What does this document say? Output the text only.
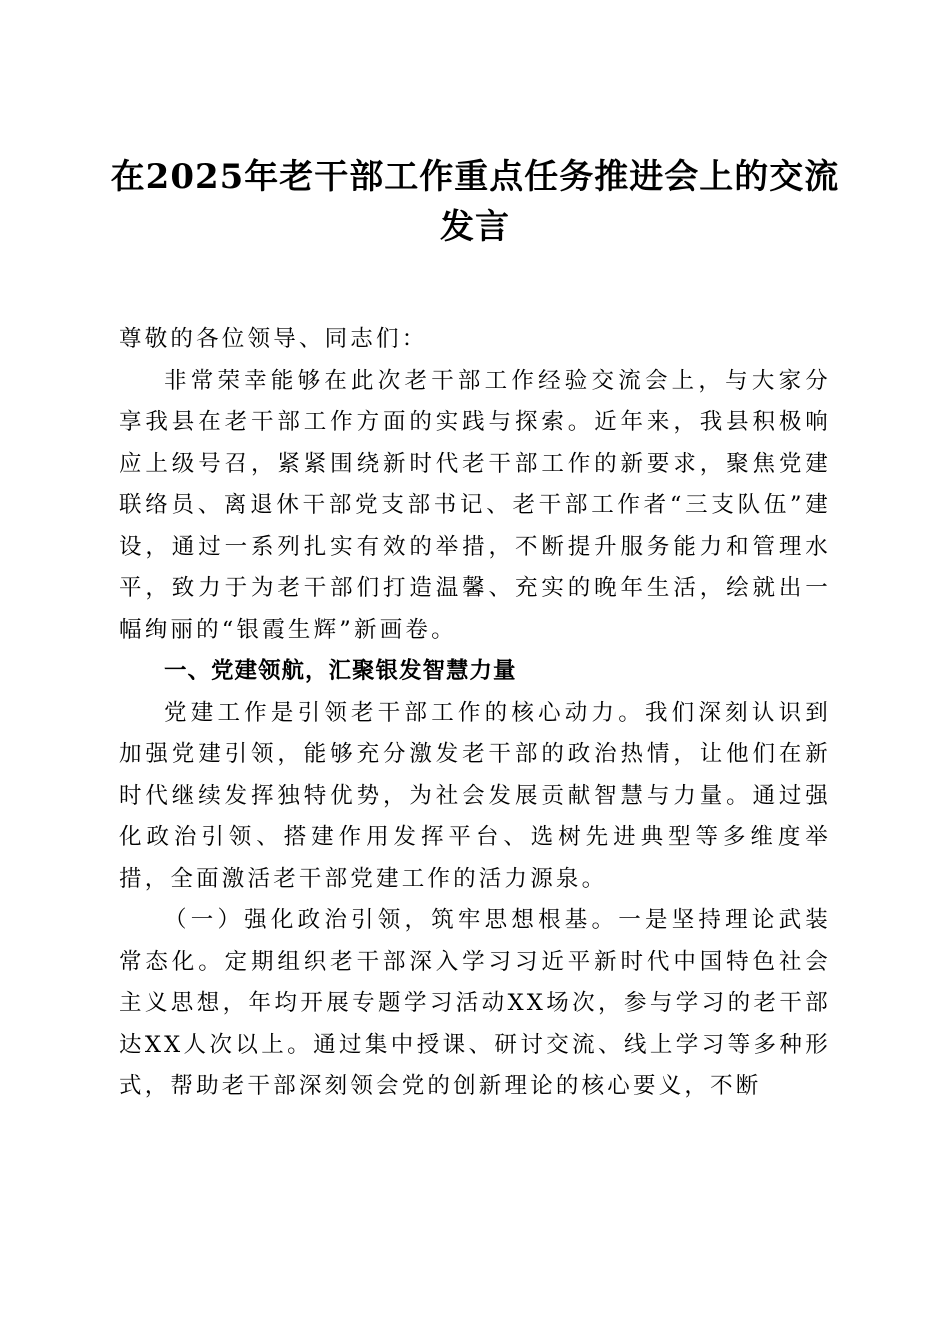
在2025年老干部工作重点任务推进会上的交流发言

尊敬的各位领导、同志们：

非常荣幸能够在此次老干部工作经验交流会上，与大家分享我县在老干部工作方面的实践与探索。近年来，我县积极响应上级号召，紧紧围绕新时代老干部工作的新要求，聚焦党建联络员、离退休干部党支部书记、老干部工作者“三支队伍”建设，通过一系列扎实有效的举措，不断提升服务能力和管理水平，致力于为老干部们打造温馨、充实的晚年生活，绘就出一幅绚丽的“银霞生辉”新画卷。

一、党建领航，汇聚银发智慧力量

党建工作是引领老干部工作的核心动力。我们深刻认识到加强党建引领，能够充分激发老干部的政治热情，让他们在新时代继续发挥独特优势，为社会发展贡献智慧与力量。通过强化政治引领、搭建作用发挥平台、选树先进典型等多维度举措，全面激活老干部党建工作的活力源泉。

（一）强化政治引领，筑牢思想根基。一是坚持理论武装常态化。定期组织老干部深入学习习近平新时代中国特色社会主义思想，年均开展专题学习活动XX场次，参与学习的老干部达XX人次以上。通过集中授课、研讨交流、线上学习等多种形式，帮助老干部深刻领会党的创新理论的核心要义，不断
